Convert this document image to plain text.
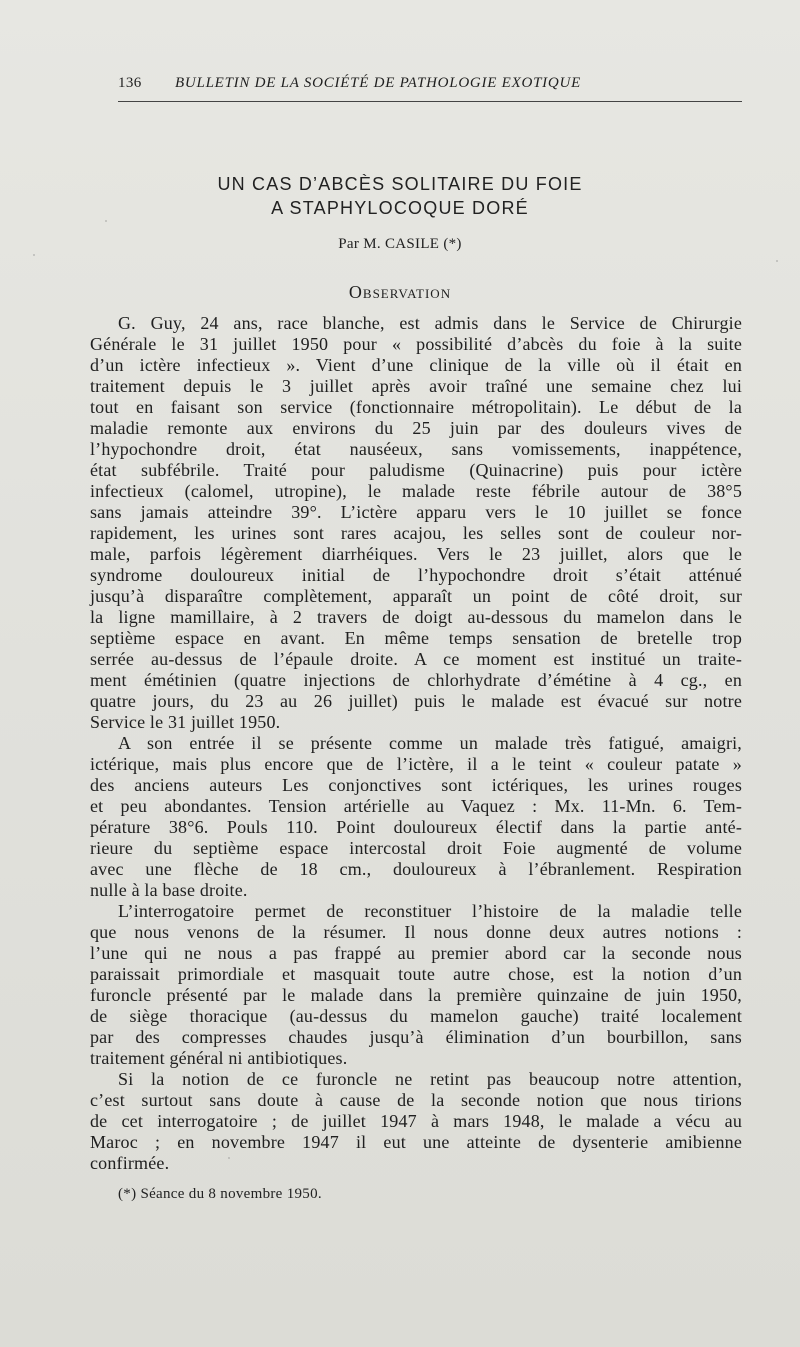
136 BULLETIN DE LA SOCIÉTÉ DE PATHOLOGIE EXOTIQUE
UN CAS D’ABCÈS SOLITAIRE DU FOIE
A STAPHYLOCOQUE DORÉ
Par M. CASILE (*)
Observation
G. Guy, 24 ans, race blanche, est admis dans le Service de Chirurgie
Générale le 31 juillet 1950 pour « possibilité d’abcès du foie à la suite
d’un ictère infectieux ». Vient d’une clinique de la ville où il était en
traitement depuis le 3 juillet après avoir traîné une semaine chez lui
tout en faisant son service (fonctionnaire métropolitain). Le début de la
maladie remonte aux environs du 25 juin par des douleurs vives de
l’hypochondre droit, état nauséeux, sans vomissements, inappétence,
état subfébrile. Traité pour paludisme (Quinacrine) puis pour ictère
infectieux (calomel, utropine), le malade reste fébrile autour de 38°5
sans jamais atteindre 39°. L’ictère apparu vers le 10 juillet se fonce
rapidement, les urines sont rares acajou, les selles sont de couleur nor-
male, parfois légèrement diarrhéiques. Vers le 23 juillet, alors que le
syndrome douloureux initial de l’hypochondre droit s’était atténué
jusqu’à disparaître complètement, apparaît un point de côté droit, sur
la ligne mamillaire, à 2 travers de doigt au-dessous du mamelon dans le
septième espace en avant. En même temps sensation de bretelle trop
serrée au-dessus de l’épaule droite. A ce moment est institué un traite-
ment émétinien (quatre injections de chlorhydrate d’émétine à 4 cg., en
quatre jours, du 23 au 26 juillet) puis le malade est évacué sur notre
Service le 31 juillet 1950.
A son entrée il se présente comme un malade très fatigué, amaigri,
ictérique, mais plus encore que de l’ictère, il a le teint « couleur patate »
des anciens auteurs Les conjonctives sont ictériques, les urines rouges
et peu abondantes. Tension artérielle au Vaquez : Mx. 11-Mn. 6. Tem-
pérature 38°6. Pouls 110. Point douloureux électif dans la partie anté-
rieure du septième espace intercostal droit Foie augmenté de volume
avec une flèche de 18 cm., douloureux à l’ébranlement. Respiration
nulle à la base droite.
L’interrogatoire permet de reconstituer l’histoire de la maladie telle
que nous venons de la résumer. Il nous donne deux autres notions :
l’une qui ne nous a pas frappé au premier abord car la seconde nous
paraissait primordiale et masquait toute autre chose, est la notion d’un
furoncle présenté par le malade dans la première quinzaine de juin 1950,
de siège thoracique (au-dessus du mamelon gauche) traité localement
par des compresses chaudes jusqu’à élimination d’un bourbillon, sans
traitement général ni antibiotiques.
Si la notion de ce furoncle ne retint pas beaucoup notre attention,
c’est surtout sans doute à cause de la seconde notion que nous tirions
de cet interrogatoire ; de juillet 1947 à mars 1948, le malade a vécu au
Maroc ; en novembre 1947 il eut une atteinte de dysenterie amibienne
confirmée.
(*) Séance du 8 novembre 1950.
